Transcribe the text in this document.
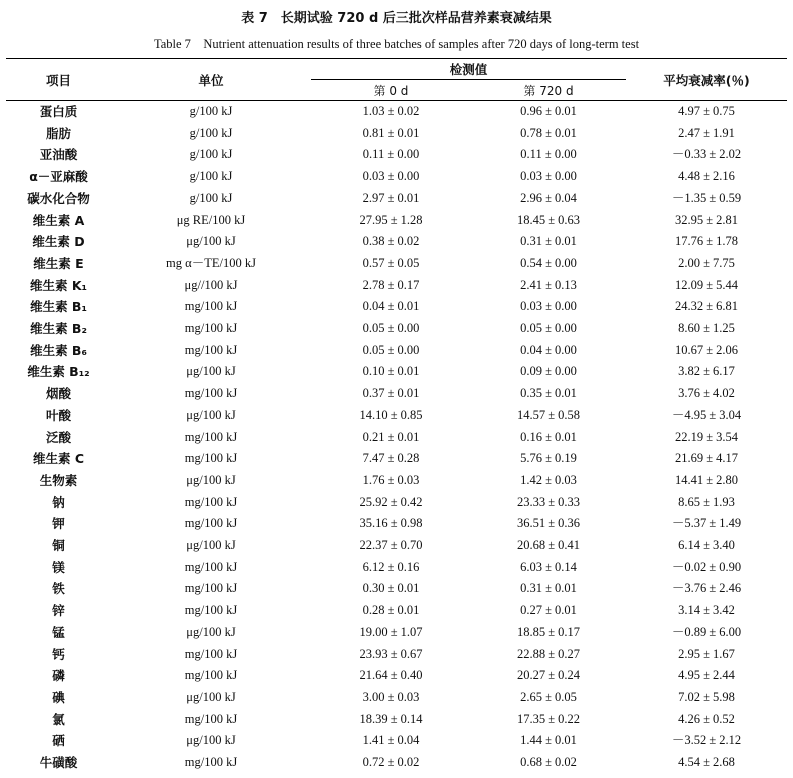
表 7　长期试验 720 d 后三批次样品营养素衰减结果
Table 7　Nutrient attenuation results of three batches of samples after 720 days of long-term test
项目	单位	检测值		平均衰减率(％)
		第 0 d	第 720 d	
蛋白质	g/100 kJ	1.03 ± 0.02	0.96 ± 0.01	4.97 ± 0.75
脂肪	g/100 kJ	0.81 ± 0.01	0.78 ± 0.01	2.47 ± 1.91
亚油酸	g/100 kJ	0.11 ± 0.00	0.11 ± 0.00	－0.33 ± 2.02
α－亚麻酸	g/100 kJ	0.03 ± 0.00	0.03 ± 0.00	4.48 ± 2.16
碳水化合物	g/100 kJ	2.97 ± 0.01	2.96 ± 0.04	－1.35 ± 0.59
维生素 A	μg RE/100 kJ	27.95 ± 1.28	18.45 ± 0.63	32.95 ± 2.81
维生素 D	μg/100 kJ	0.38 ± 0.02	0.31 ± 0.01	17.76 ± 1.78
维生素 E	mg α－TE/100 kJ	0.57 ± 0.05	0.54 ± 0.00	2.00 ± 7.75
维生素 K₁	μg//100 kJ	2.78 ± 0.17	2.41 ± 0.13	12.09 ± 5.44
维生素 B₁	mg/100 kJ	0.04 ± 0.01	0.03 ± 0.00	24.32 ± 6.81
维生素 B₂	mg/100 kJ	0.05 ± 0.00	0.05 ± 0.00	8.60 ± 1.25
维生素 B₆	mg/100 kJ	0.05 ± 0.00	0.04 ± 0.00	10.67 ± 2.06
维生素 B₁₂	μg/100 kJ	0.10 ± 0.01	0.09 ± 0.00	3.82 ± 6.17
烟酸	mg/100 kJ	0.37 ± 0.01	0.35 ± 0.01	3.76 ± 4.02
叶酸	μg/100 kJ	14.10 ± 0.85	14.57 ± 0.58	－4.95 ± 3.04
泛酸	mg/100 kJ	0.21 ± 0.01	0.16 ± 0.01	22.19 ± 3.54
维生素 C	mg/100 kJ	7.47 ± 0.28	5.76 ± 0.19	21.69 ± 4.17
生物素	μg/100 kJ	1.76 ± 0.03	1.42 ± 0.03	14.41 ± 2.80
钠	mg/100 kJ	25.92 ± 0.42	23.33 ± 0.33	8.65 ± 1.93
钾	mg/100 kJ	35.16 ± 0.98	36.51 ± 0.36	－5.37 ± 1.49
铜	μg/100 kJ	22.37 ± 0.70	20.68 ± 0.41	6.14 ± 3.40
镁	mg/100 kJ	6.12 ± 0.16	6.03 ± 0.14	－0.02 ± 0.90
铁	mg/100 kJ	0.30 ± 0.01	0.31 ± 0.01	－3.76 ± 2.46
锌	mg/100 kJ	0.28 ± 0.01	0.27 ± 0.01	3.14 ± 3.42
锰	μg/100 kJ	19.00 ± 1.07	18.85 ± 0.17	－0.89 ± 6.00
钙	mg/100 kJ	23.93 ± 0.67	22.88 ± 0.27	2.95 ± 1.67
磷	mg/100 kJ	21.64 ± 0.40	20.27 ± 0.24	4.95 ± 2.44
碘	μg/100 kJ	3.00 ± 0.03	2.65 ± 0.05	7.02 ± 5.98
氯	mg/100 kJ	18.39 ± 0.14	17.35 ± 0.22	4.26 ± 0.52
硒	μg/100 kJ	1.41 ± 0.04	1.44 ± 0.01	－3.52 ± 2.12
牛磺酸	mg/100 kJ	0.72 ± 0.02	0.68 ± 0.02	4.54 ± 2.68
